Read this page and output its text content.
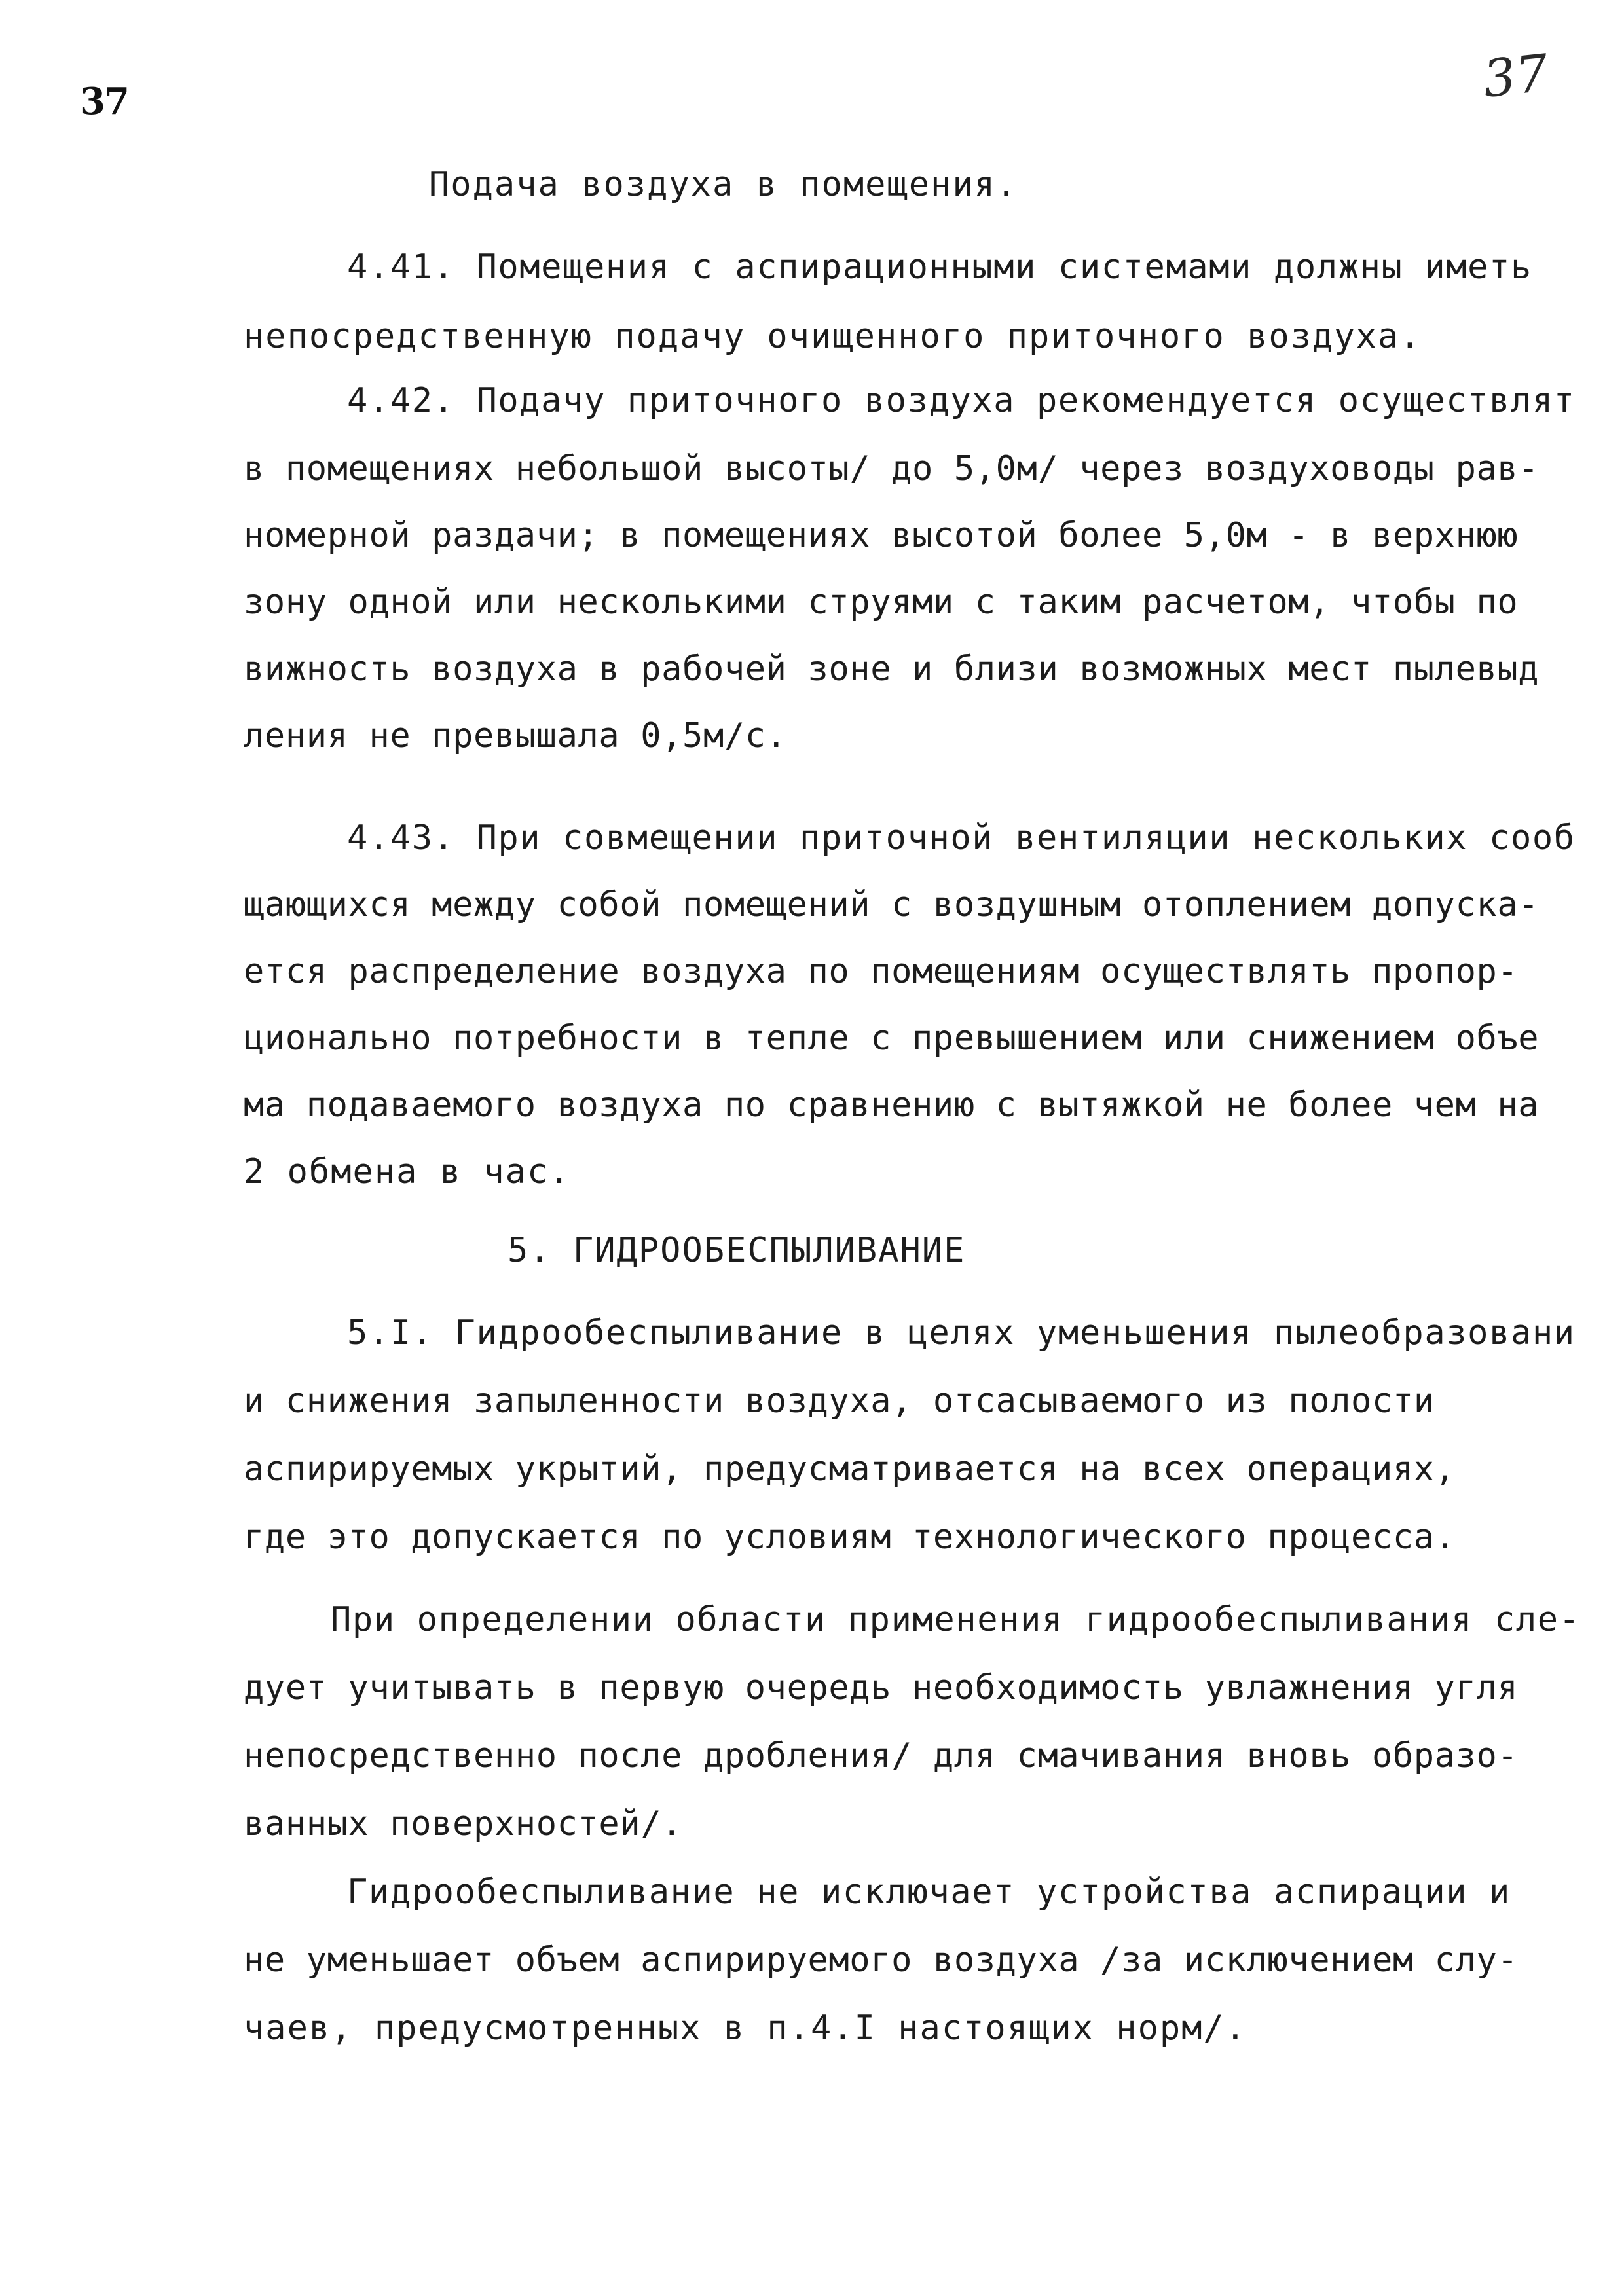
37	37
Подача воздуха в помещения.
4.41. Помещения с аспирационными системами должны иметь
непосредственную подачу очищенного приточного воздуха.
4.42. Подачу приточного воздуха рекомендуется осуществлят
в помещениях небольшой высоты/ до 5,0м/ через воздуховоды рав-
номерной раздачи; в помещениях высотой более 5,0м - в верхнюю
зону одной или несколькими струями с таким расчетом, чтобы по
вижность воздуха в рабочей зоне и близи возможных мест пылевыд
ления не превышала 0,5м/с.
4.43. При совмещении приточной вентиляции нескольких сооб
щающихся между собой помещений с воздушным отоплением допуска-
ется распределение воздуха по помещениям осуществлять пропор-
ционально потребности в тепле с превышением или снижением объе
ма подаваемого воздуха по сравнению с вытяжкой не более чем на
2 обмена в час.
5. ГИДРООБЕСПЫЛИВАНИЕ
5.I. Гидрообеспыливание в целях уменьшения пылеобразовани
и снижения запыленности воздуха, отсасываемого из полости
аспирируемых укрытий, предусматривается на всех операциях,
где это допускается по условиям технологического процесса.
При определении области применения гидрообеспыливания сле-
дует учитывать в первую очередь необходимость увлажнения угля
непосредственно после дробления/ для смачивания вновь образо-
ванных поверхностей/.
Гидрообеспыливание не исключает устройства аспирации и
не уменьшает объем аспирируемого воздуха /за исключением слу-
чаев, предусмотренных в п.4.I настоящих норм/.
